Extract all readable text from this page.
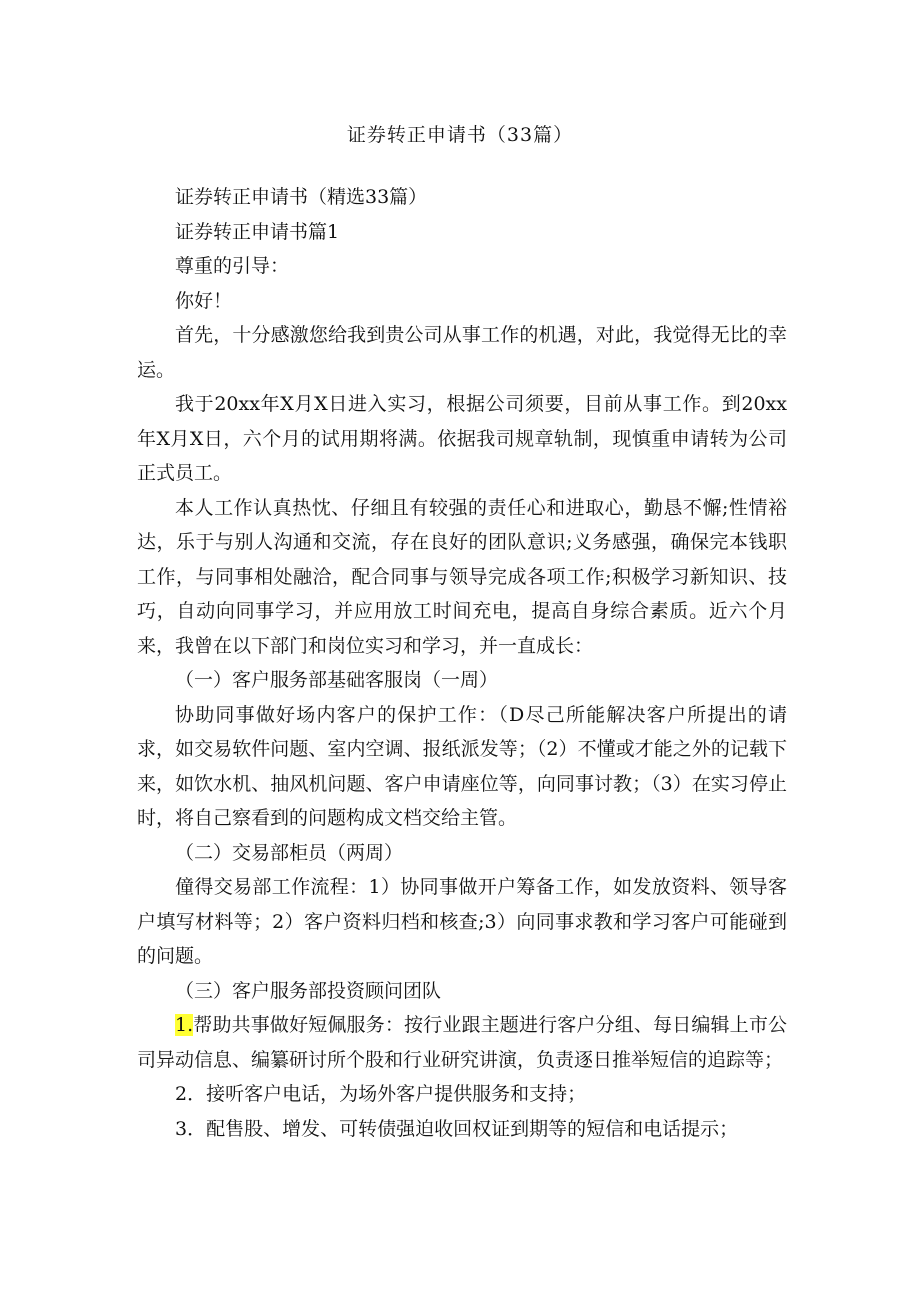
证券转正申请书（33篇）

证券转正申请书（精选33篇）

证券转正申请书篇1

尊重的引导：

你好！

首先，十分感激您给我到贵公司从事工作的机遇，对此，我觉得无比的幸运。

我于20xx年X月X日进入实习，根据公司须要，目前从事工作。到20xx年X月X日，六个月的试用期将满。依据我司规章轨制，现慎重申请转为公司正式员工。

本人工作认真热忱、仔细且有较强的责任心和进取心，勤恳不懈;性情裕达，乐于与别人沟通和交流，存在良好的团队意识;义务感强，确保完本钱职工作，与同事相处融洽，配合同事与领导完成各项工作;积极学习新知识、技巧，自动向同事学习，并应用放工时间充电，提高自身综合素质。近六个月来，我曾在以下部门和岗位实习和学习，并一直成长：

（一）客户服务部基础客服岗（一周）

协助同事做好场内客户的保护工作：（D尽己所能解决客户所提出的请求，如交易软件问题、室内空调、报纸派发等；（2）不懂或才能之外的记载下来，如饮水机、抽风机问题、客户申请座位等，向同事讨教；（3）在实习停止时，将自己察看到的问题构成文档交给主管。

（二）交易部柜员（两周）

僮得交易部工作流程：1）协同事做开户筹备工作，如发放资料、领导客户填写材料等；2）客户资料归档和核查;3）向同事求教和学习客户可能碰到的问题。

（三）客户服务部投资顾问团队

1.帮助共事做好短佩服务：按行业跟主题进行客户分组、每日编辑上市公司异动信息、编纂研讨所个股和行业研究讲演，负责逐日推举短信的追踪等；

2．接听客户电话，为场外客户提供服务和支持；

3．配售股、增发、可转债强迫收回权证到期等的短信和电话提示；
